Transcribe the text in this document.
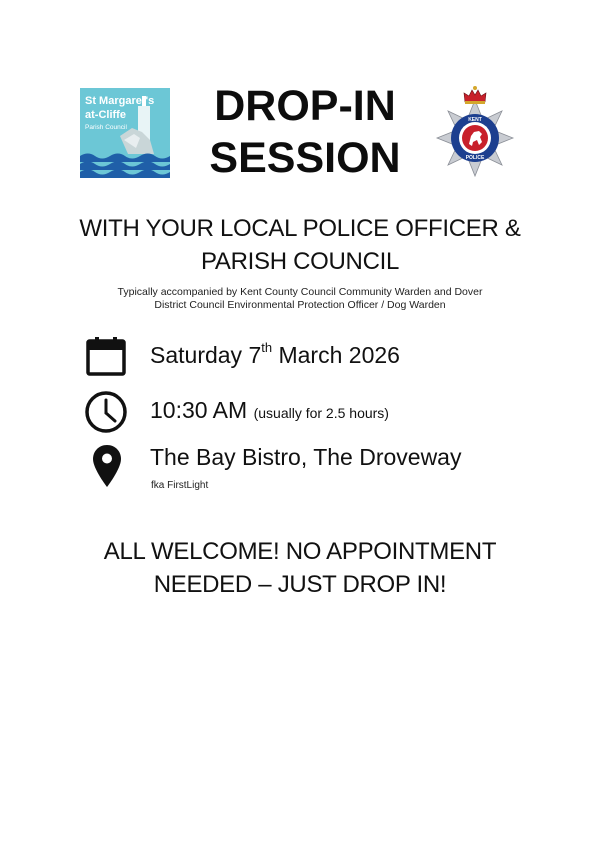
St Margaret's
at-Cliffe
Parish Council	DROP-IN
SESSION
KENT
POLICE
WITH YOUR LOCAL POLICE OFFICER &
PARISH COUNCIL
Typically accompanied by Kent County Council Community Warden and Dover
District Council Environmental Protection Officer / Dog Warden
Saturday 7th March 2026
10:30 AM (usually for 2.5 hours)
The Bay Bistro, The Droveway
fka FirstLight
ALL WELCOME! NO APPOINTMENT
NEEDED – JUST DROP IN!
